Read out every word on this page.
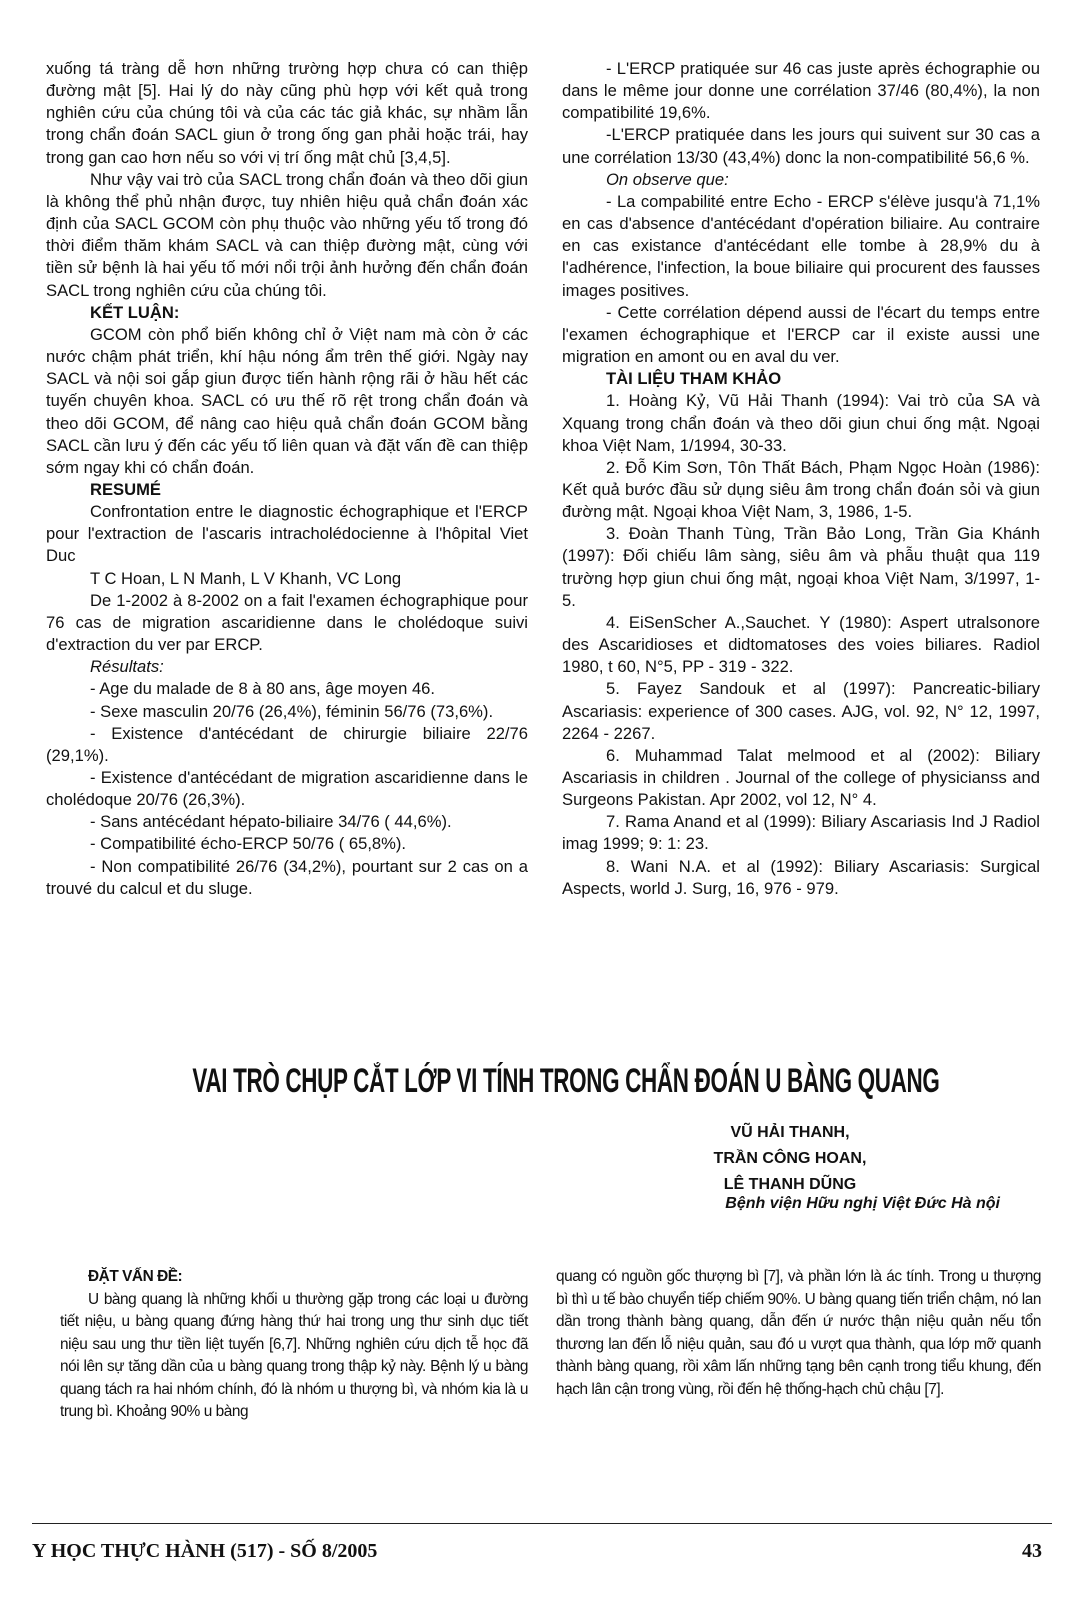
xuống tá tràng dễ hơn những trường hợp chưa có can thiệp đường mật [5]. Hai lý do này cũng phù hợp với kết quả trong nghiên cứu của chúng tôi và của các tác giả khác, sự nhầm lẫn trong chẩn đoán SACL giun ở trong ống gan phải hoặc trái, hay trong gan cao hơn nếu so với vị trí ống mật chủ [3,4,5].

Như vậy vai trò của SACL trong chẩn đoán và theo dõi giun là không thể phủ nhận được, tuy nhiên hiệu quả chẩn đoán xác định của SACL GCOM còn phụ thuộc vào những yếu tố trong đó thời điểm thăm khám SACL và can thiệp đường mật, cùng với tiền sử bệnh là hai yếu tố mới nổi trội ảnh hưởng đến chẩn đoán SACL trong nghiên cứu của chúng tôi.

KẾT LUẬN:

GCOM còn phổ biến không chỉ ở Việt nam mà còn ở các nước chậm phát triển, khí hậu nóng ẩm trên thế giới. Ngày nay SACL và nội soi gắp giun được tiến hành rộng rãi ở hầu hết các tuyến chuyên khoa. SACL có ưu thế rõ rệt trong chẩn đoán và theo dõi GCOM, để nâng cao hiệu quả chẩn đoán GCOM bằng SACL cần lưu ý đến các yếu tố liên quan và đặt vấn đề can thiệp sớm ngay khi có chẩn đoán.

RESUMÉ

Confrontation entre le diagnostic échographique et l'ERCP pour l'extraction de l'ascaris intracholédocienne à l'hôpital Viet Duc

T C Hoan, L N Manh, L V Khanh, VC Long

De 1-2002 à 8-2002 on a fait l'examen échographique pour 76 cas de migration ascaridienne dans le cholédoque suivi d'extraction du ver par ERCP.

Résultats:

- Age du malade de 8 à 80 ans, âge moyen 46.

- Sexe masculin 20/76 (26,4%), féminin 56/76 (73,6%).

- Existence d'antécédant de chirurgie biliaire 22/76 (29,1%).

- Existence d'antécédant de migration ascaridienne dans le cholédoque 20/76 (26,3%).

- Sans antécédant hépato-biliaire 34/76 ( 44,6%).

- Compatibilité écho-ERCP 50/76 ( 65,8%).

- Non compatibilité 26/76 (34,2%), pourtant sur 2 cas on a trouvé du calcul et du sluge.

- L'ERCP pratiquée sur 46 cas juste après échographie ou dans le même jour donne une corrélation 37/46 (80,4%), la non compatibilité 19,6%.

-L'ERCP pratiquée dans les jours qui suivent sur 30 cas a une corrélation 13/30 (43,4%) donc la non-compatibilité 56,6 %.

On observe que:

- La compabilité entre Echo - ERCP s'élève jusqu'à 71,1% en cas d'absence d'antécédant d'opération biliaire. Au contraire en cas existance d'antécédant elle tombe à 28,9% du à l'adhérence, l'infection, la boue biliaire qui procurent des fausses images positives.

- Cette corrélation dépend aussi de l'écart du temps entre l'examen échographique et l'ERCP car il existe aussi une migration en amont ou en aval du ver.

TÀI LIỆU THAM KHẢO

1. Hoàng Kỷ, Vũ Hải Thanh (1994): Vai trò của SA và Xquang trong chẩn đoán và theo dõi giun chui ống mật. Ngoại khoa Việt Nam, 1/1994, 30-33.

2. Đỗ Kim Sơn, Tôn Thất Bách, Phạm Ngọc Hoàn (1986): Kết quả bước đầu sử dụng siêu âm trong chẩn đoán sỏi và giun đường mật. Ngoại khoa Việt Nam, 3, 1986, 1-5.

3. Đoàn Thanh Tùng, Trần Bảo Long, Trần Gia Khánh (1997): Đối chiếu lâm sàng, siêu âm và phẫu thuật qua 119 trường hợp giun chui ống mật, ngoại khoa Việt Nam, 3/1997, 1-5.

4. EiSenScher A.,Sauchet. Y (1980): Aspert utralsonore des Ascaridioses et didtomatoses des voies biliares. Radiol 1980, t 60, N°5, PP - 319 - 322.

5. Fayez Sandouk et al (1997): Pancreatic-biliary Ascariasis: experience of 300 cases. AJG, vol. 92, N° 12, 1997, 2264 - 2267.

6. Muhammad Talat melmood et al (2002): Biliary Ascariasis in children . Journal of the college of physicianss and Surgeons Pakistan. Apr 2002, vol 12, N° 4.

7. Rama Anand et al (1999): Biliary Ascariasis Ind J Radiol imag 1999; 9: 1: 23.

8. Wani N.A. et al (1992): Biliary Ascariasis: Surgical Aspects, world J. Surg, 16, 976 - 979.

VAI TRÒ CHỤP CẮT LỚP VI TÍNH TRONG CHẨN ĐOÁN U BÀNG QUANG
VŨ HẢI THANH,
TRẦN CÔNG HOAN,
LÊ THANH DŨNG
Bệnh viện Hữu nghị Việt Đức Hà nội
ĐẶT VẤN ĐỀ:

U bàng quang là những khối u thường gặp trong các loại u đường tiết niệu, u bàng quang đứng hàng thứ hai trong ung thư sinh dục tiết niệu sau ung thư tiền liệt tuyến [6,7]. Những nghiên cứu dịch tễ học đã nói lên sự tăng dần của u bàng quang trong thập kỷ này. Bệnh lý u bàng quang tách ra hai nhóm chính, đó là nhóm u thượng bì, và nhóm kia là u trung bì. Khoảng 90% u bàng

quang có nguồn gốc thượng bì [7], và phần lớn là ác tính. Trong u thượng bì thì u tế bào chuyển tiếp chiếm 90%. U bàng quang tiến triển chậm, nó lan dần trong thành bàng quang, dẫn đến ứ nước thận niệu quản nếu tổn thương lan đến lỗ niệu quản, sau đó u vượt qua thành, qua lớp mỡ quanh thành bàng quang, rồi xâm lấn những tạng bên cạnh trong tiểu khung, đến hạch lân cận trong vùng, rồi đến hệ thống-hạch chủ chậu [7].

Y HỌC THỰC HÀNH (517) - SỐ 8/2005	43
